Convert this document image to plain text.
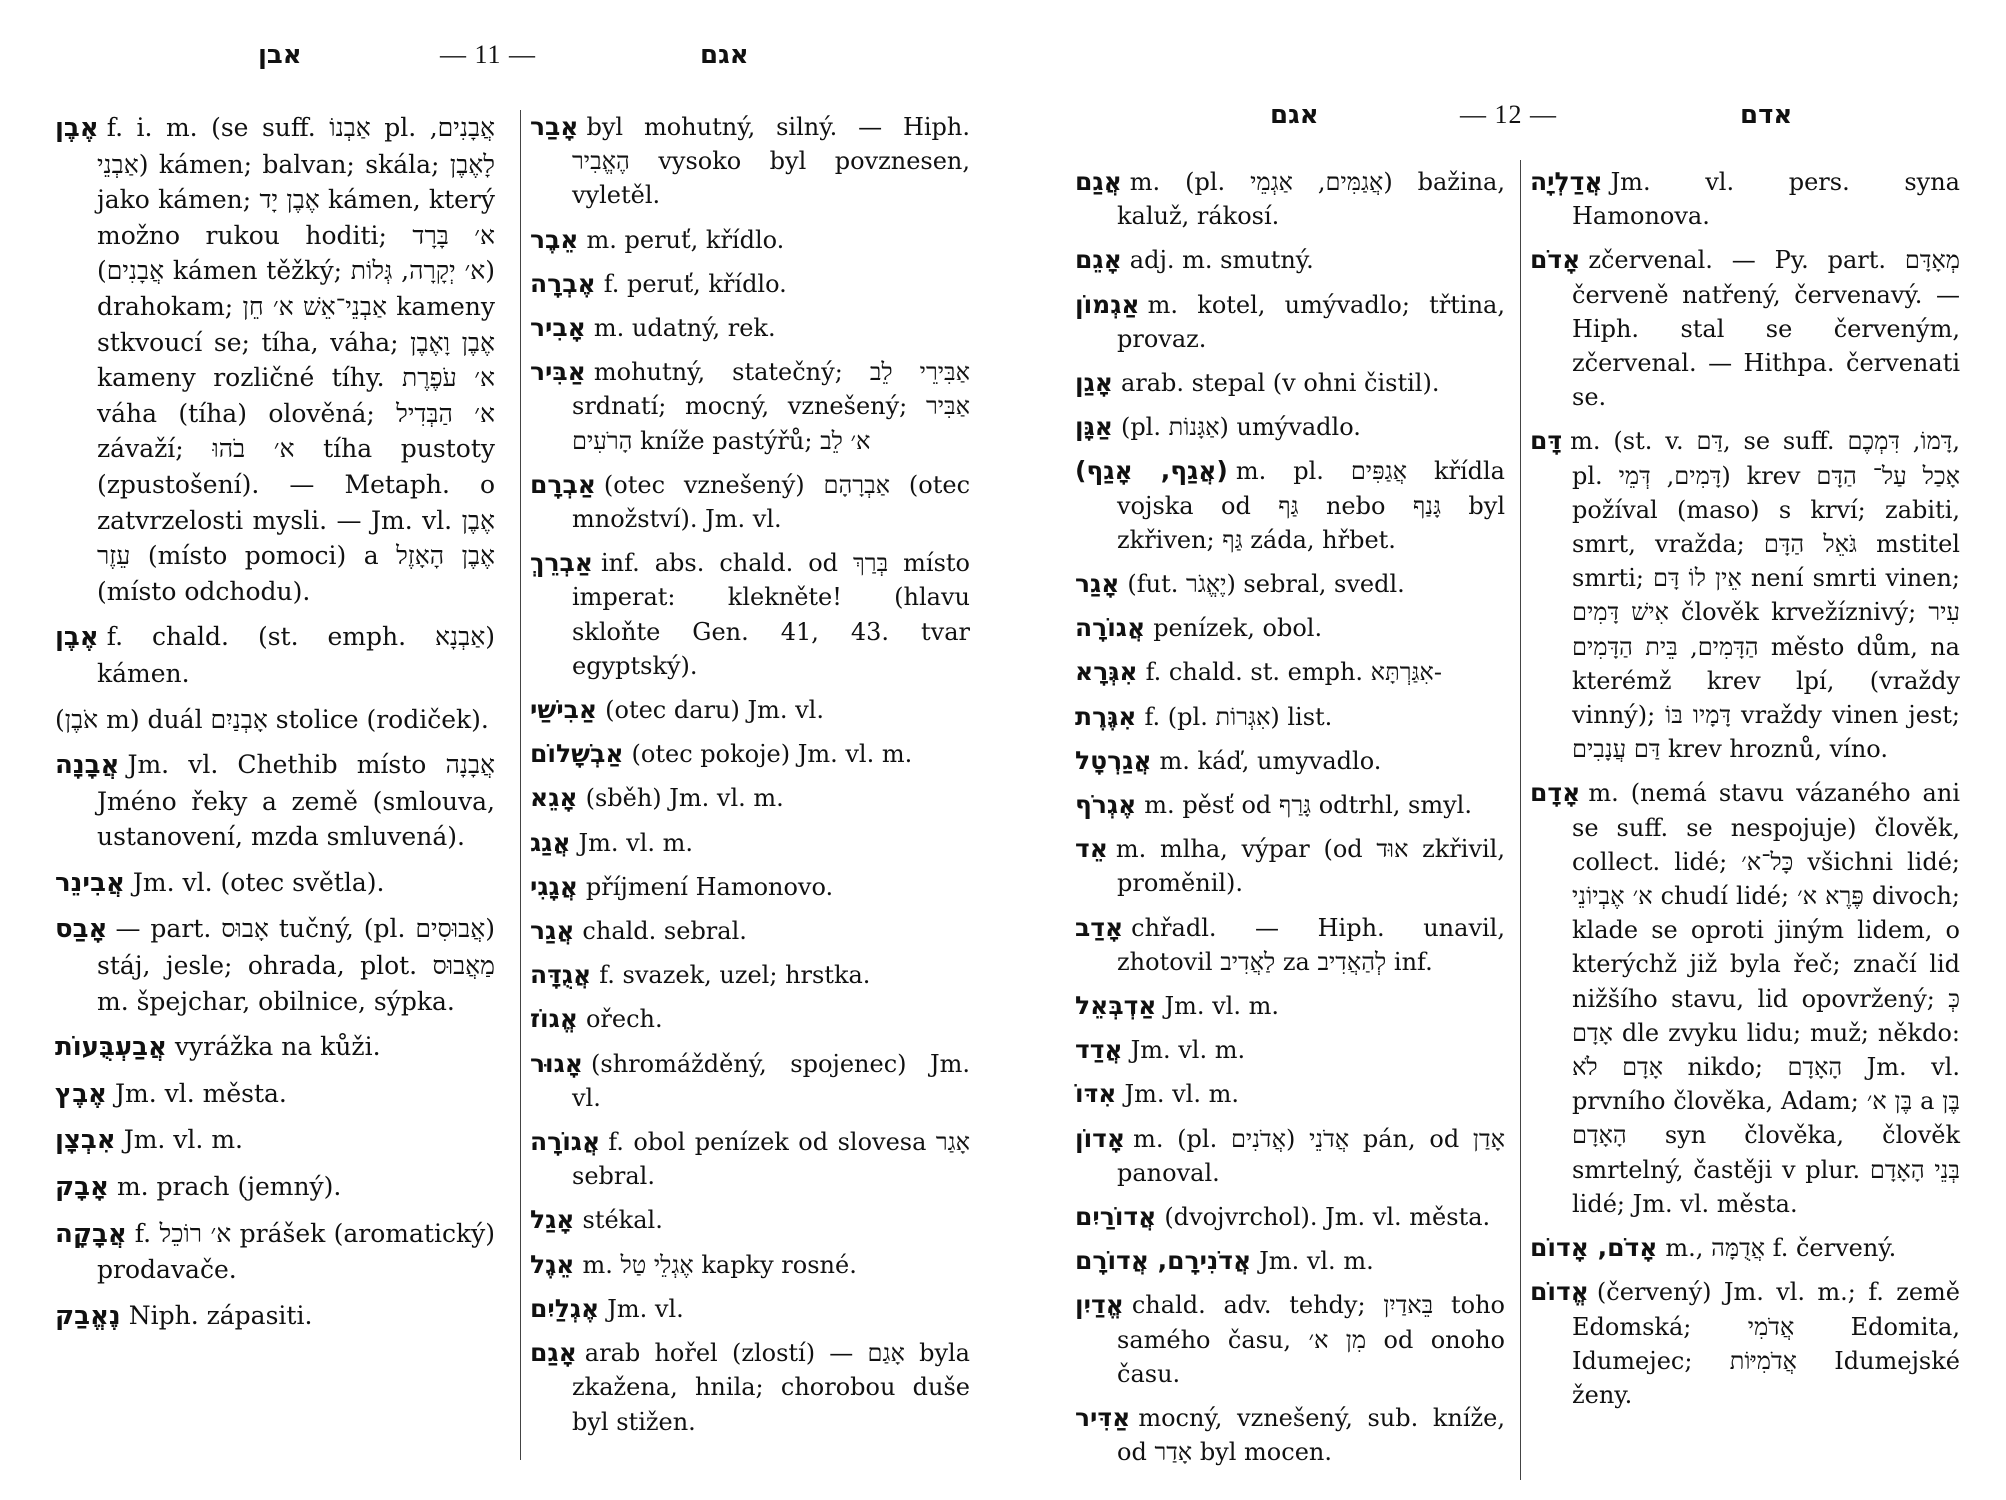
אבן	— 11 —	אגם

אֶבֶן f. i. m. (se suff. אַבְנוֹ pl. אֲבָנִים, אַבְנֵי) kámen; balvan; skála; לָאֶבֶן jako kámen; אֶבֶן יָד kámen, který možno rukou hoditi; א׳ בָּרָד (אֲבָנִים kámen těžký; א׳ יְקָרָה, גְּלוֹת) drahokam; אַבְנֵי־אֵשׁ א׳ חֵן kameny stkvoucí se; tíha, váha; אֶבֶן וָאֶבֶן kameny rozličné tíhy. א׳ עֹפֶרֶת váha (tíha) olověná; א׳ הַבְּדִיל závaží; א׳ בֹהוּ tíha pustoty (zpustošení). — Metaph. o zatvrzelosti mysli. — Jm. vl. אֶבֶן עֵזֶר (místo pomoci) a אֶבֶן הָאָזֶל (místo odchodu).

אֶבֶן f. chald. (st. emph. אַבְנָא) kámen.

(אֹבֶן m) duál אָבְנַיִם stolice (rodiček).

אֲבָנָה Jm. vl. Chethib místo אֲבָנָה Jméno řeky a země (smlouva, ustanovení, mzda smluvená).

אֲבִינֵר Jm. vl. (otec světla).

אָבַס — part. אָבוּס tučný, (pl. אֲבוּסִים) stáj, jesle; ohrada, plot. מַאֲבוּס m. špejchar, obilnice, sýpka.

אֲבַעְבֻּעוֹת vyrážka na kůži.

אֶבֶץ Jm. vl. města.

אִבְצָן Jm. vl. m.

אָבָק m. prach (jemný).

אֲבָקָה f. א׳ רוֹכֵל prášek (aromatický) prodavače.

נֶאֱבַק Niph. zápasiti.

אָבַר byl mohutný, silný. — Hiph. הֶאֱבִיר vysoko byl povznesen, vyletěl.

אֵבֶר m. peruť, křídlo.

אֶבְרָה f. peruť, křídlo.

אָבִיר m. udatný, rek.

אַבִּיר mohutný, statečný; אַבִּירֵי לֵב srdnatí; mocný, vznešený; אַבִּיר הָרֹעִים kníže pastýřů; א׳ לֵב

אַבְרָם (otec vznešený) אַבְרָהָם (otec množství). Jm. vl.

אַבְרֵךְ inf. abs. chald. od בְּרַךְ místo imperat: klekněte! (hlavu skloňte Gen. 41, 43. tvar egyptský).

אַבִישַׁי (otec daru) Jm. vl.

אַבְשָׁלוֹם (otec pokoje) Jm. vl. m.

אָגֵא (sběh) Jm. vl. m.

אֲגַג Jm. vl. m.

אֲגָגִי příjmení Hamonovo.

אֲגַר chald. sebral.

אֲגֻדָּה f. svazek, uzel; hrstka.

אֱגוֹז ořech.

אָגוּר (shromážděný, spojenec) Jm. vl.

אֲגוֹרָה f. obol penízek od slovesa אָגַר sebral.

אָגַל stékal.

אֵגֶל m. אֶגְלֵי טַל kapky rosné.

אֶגְלַיִם Jm. vl.

אָגַם arab hořel (zlostí) — אָגַם byla zkažena, hnila; chorobou duše byl stižen.

אגם	— 12 —	אדם

אֲגַם m. (pl. אֲגַמִּים, אַגְמֵי) bažina, kaluž, rákosí.

אָגֵם adj. m. smutný.

אַגְמוֹן m. kotel, umývadlo; třtina, provaz.

אָגַן arab. stepal (v ohni čistil).

אַגָּן (pl. אַגָּנוֹת) umývadlo.

(אֲגַף, אָגַף) m. pl. אֲגַפִּים křídla vojska od גַּף nebo גָּנַף byl zkřiven; גַּף záda, hřbet.

אָגַר (fut. יֶאֱגֹר) sebral, svedl.

אֲגוֹרָה penízek, obol.

אִגְּרָא f. chald. st. emph. אִגַּרְתָּא-

אִגֶּרֶת f. (pl. אִגְּרוֹת) list.

אֲגַרְטָל m. káď, umyvadlo.

אֶגְרֹף m. pěsť od גָּרַף odtrhl, smyl.

אֵד m. mlha, výpar (od אוּד zkřivil, proměnil).

אָדַב chřadl. — Hiph. unavil, zhotovil לַאֲדִיב za לְהַאֲדִיב inf.

אַדְבְּאֵל Jm. vl. m.

אֲדַד Jm. vl. m.

אִדּוֹ Jm. vl. m.

אָדוֹן m. (pl. אֲדֹנִים) אֲדֹנֵי pán, od אָדַן panoval.

אֲדוֹרַיִם (dvojvrchol). Jm. vl. města.

אֲדֹנִירָם, אֲדוֹרָם Jm. vl. m.

אֱדַיִן chald. adv. tehdy; בֵּאדַיִן toho samého času, מִן א׳ od onoho času.

אַדִּיר mocný, vznešený, sub. kníže, od אָדַר byl mocen.

אֲדַלְיָה Jm. vl. pers. syna Hamonova.

אָדֹם zčervenal. — Py. part. מְאָדָּם červeně natřený, červenavý. — Hiph. stal se červeným, zčervenal. — Hithpa. červenati se.

דָּם m. (st. v. דַּם, se suff. דָּמוֹ, דִּמְכֶם, pl. דָּמִים, דְּמֵי) krev אָכַל עַל־ הַדָּם požíval (maso) s krví; zabiti, smrt, vražda; גֹּאֵל הַדָּם mstitel smrti; אֵין לוֹ דָּם není smrti vinen; אִישׁ דָּמִים člověk krvežíznivý; עִיר הַדָּמִים, בֵּית הַדָּמִים město dům, na kterémž krev lpí, (vraždy vinný); דָּמָיו בּוֹ vraždy vinen jest; דַּם עֲנָבִים krev hroznů, víno.

אָדָם m. (nemá stavu vázaného ani se suff. se nespojuje) člověk, collect. lidé; כָּל־א׳ všichni lidé; א׳ אֶבְיוֹנֵי chudí lidé; פֶּרֶא א׳ divoch; klade se oproti jiným lidem, o kterýchž již byla řeč; značí lid nižšího stavu, lid opovržený; כְּ אָדָם dle zvyku lidu; muž; někdo: אָדָם לֹא nikdo; הָאָדָם Jm. vl. prvního člověka, Adam; בֶּן א׳ a בֶּן הָאָדָם syn člověka, člověk smrtelný, častěji v plur. בְּנֵי הָאָדָם lidé; Jm. vl. města.

אָדֹם, אָדוֹם m., אֲדֻמָּה f. červený.

אֱדוֹם (červený) Jm. vl. m.; f. země Edomská; אֲדֹמִי Edomita, Idumejec; אֲדֹמִיּוֹת Idumejské ženy.
